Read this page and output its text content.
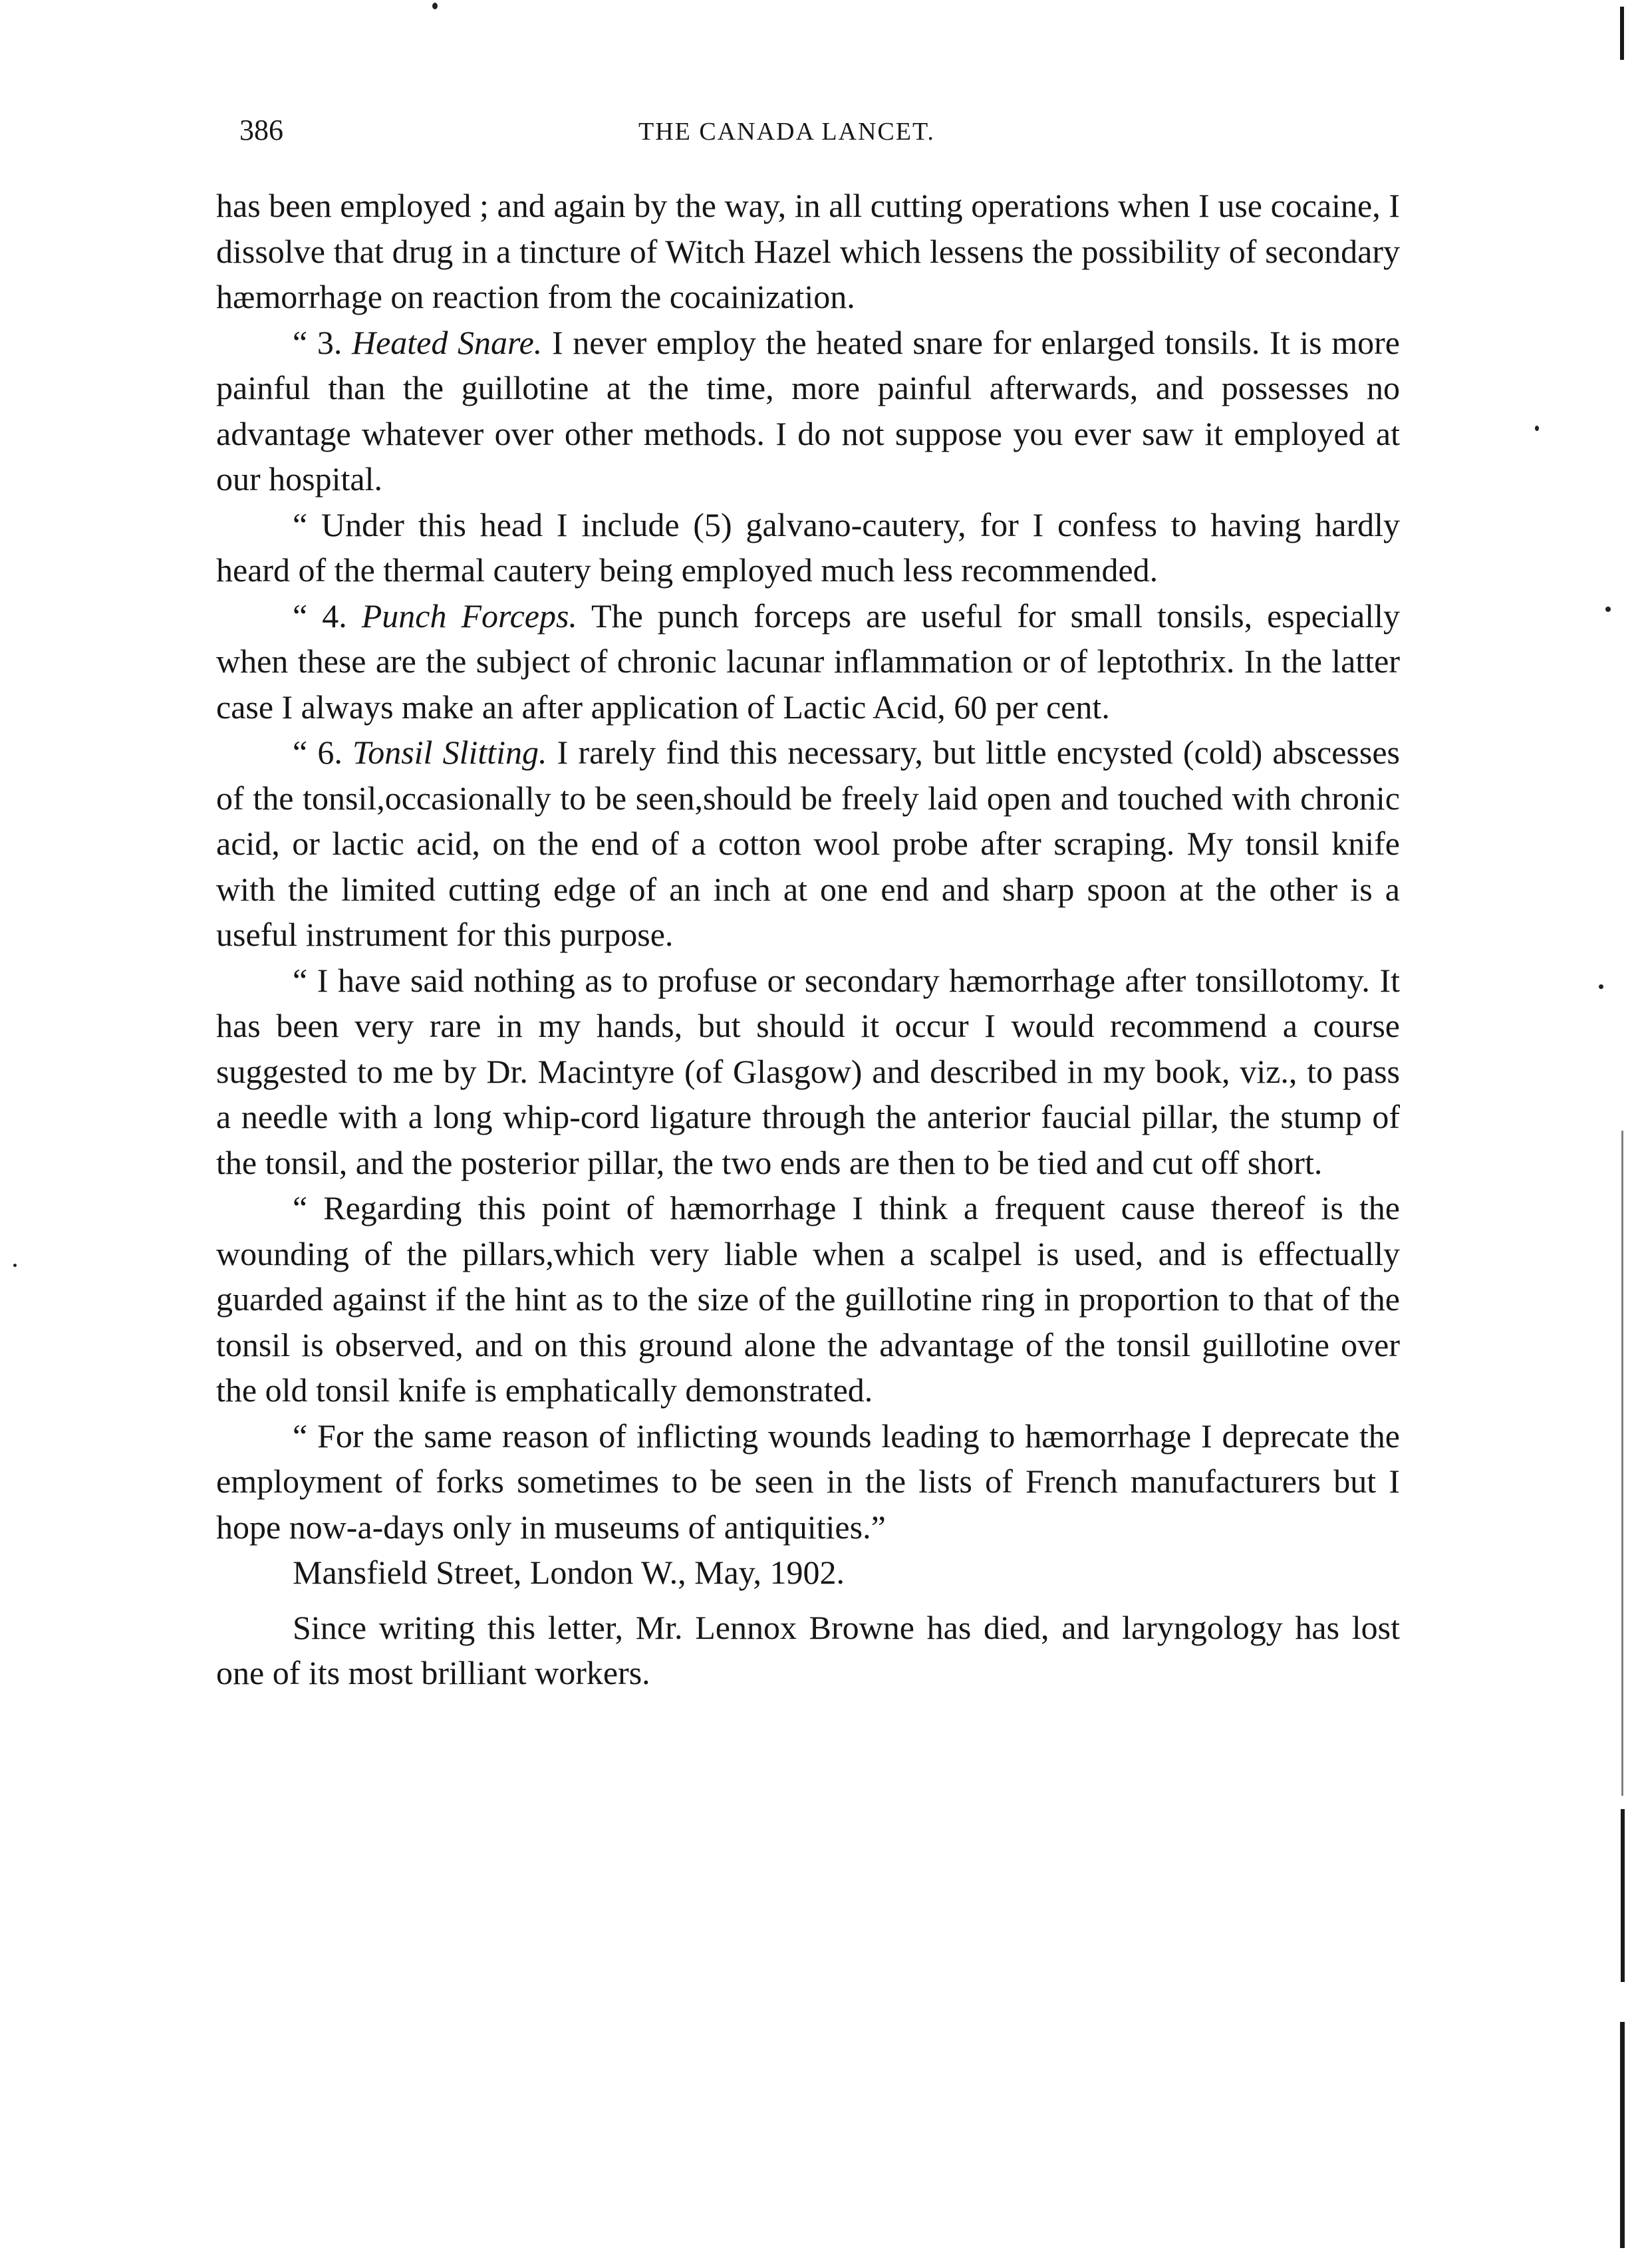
386	THE CANADA LANCET.

has been employed ; and again by the way, in all cutting operations when I use cocaine, I dissolve that drug in a tincture of Witch Hazel which lessens the possibility of secondary hæmorrhage on reaction from the cocainization.

“ 3. Heated Snare. I never employ the heated snare for enlarged tonsils. It is more painful than the guillotine at the time, more painful afterwards, and possesses no advantage whatever over other methods. I do not suppose you ever saw it employed at our hospital.

“ Under this head I include (5) galvano-cautery, for I confess to having hardly heard of the thermal cautery being employed much less recommended.

“ 4. Punch Forceps. The punch forceps are useful for small tonsils, especially when these are the subject of chronic lacunar inflammation or of leptothrix. In the latter case I always make an after application of Lactic Acid, 60 per cent.

“ 6. Tonsil Slitting. I rarely find this necessary, but little encysted (cold) abscesses of the tonsil,occasionally to be seen,should be freely laid open and touched with chronic acid, or lactic acid, on the end of a cotton wool probe after scraping. My tonsil knife with the limited cutting edge of an inch at one end and sharp spoon at the other is a useful instrument for this purpose.

“ I have said nothing as to profuse or secondary hæmorrhage after tonsillotomy. It has been very rare in my hands, but should it occur I would recommend a course suggested to me by Dr. Macintyre (of Glasgow) and described in my book, viz., to pass a needle with a long whip-cord ligature through the anterior faucial pillar, the stump of the tonsil, and the posterior pillar, the two ends are then to be tied and cut off short.

“ Regarding this point of hæmorrhage I think a frequent cause thereof is the wounding of the pillars,which very liable when a scalpel is used, and is effectually guarded against if the hint as to the size of the guillotine ring in proportion to that of the tonsil is observed, and on this ground alone the advantage of the tonsil guillotine over the old tonsil knife is emphatically demonstrated.

“ For the same reason of inflicting wounds leading to hæmorrhage I deprecate the employment of forks sometimes to be seen in the lists of French manufacturers but I hope now-a-days only in museums of antiquities.”

Mansfield Street, London W., May, 1902.

Since writing this letter, Mr. Lennox Browne has died, and laryngology has lost one of its most brilliant workers.
